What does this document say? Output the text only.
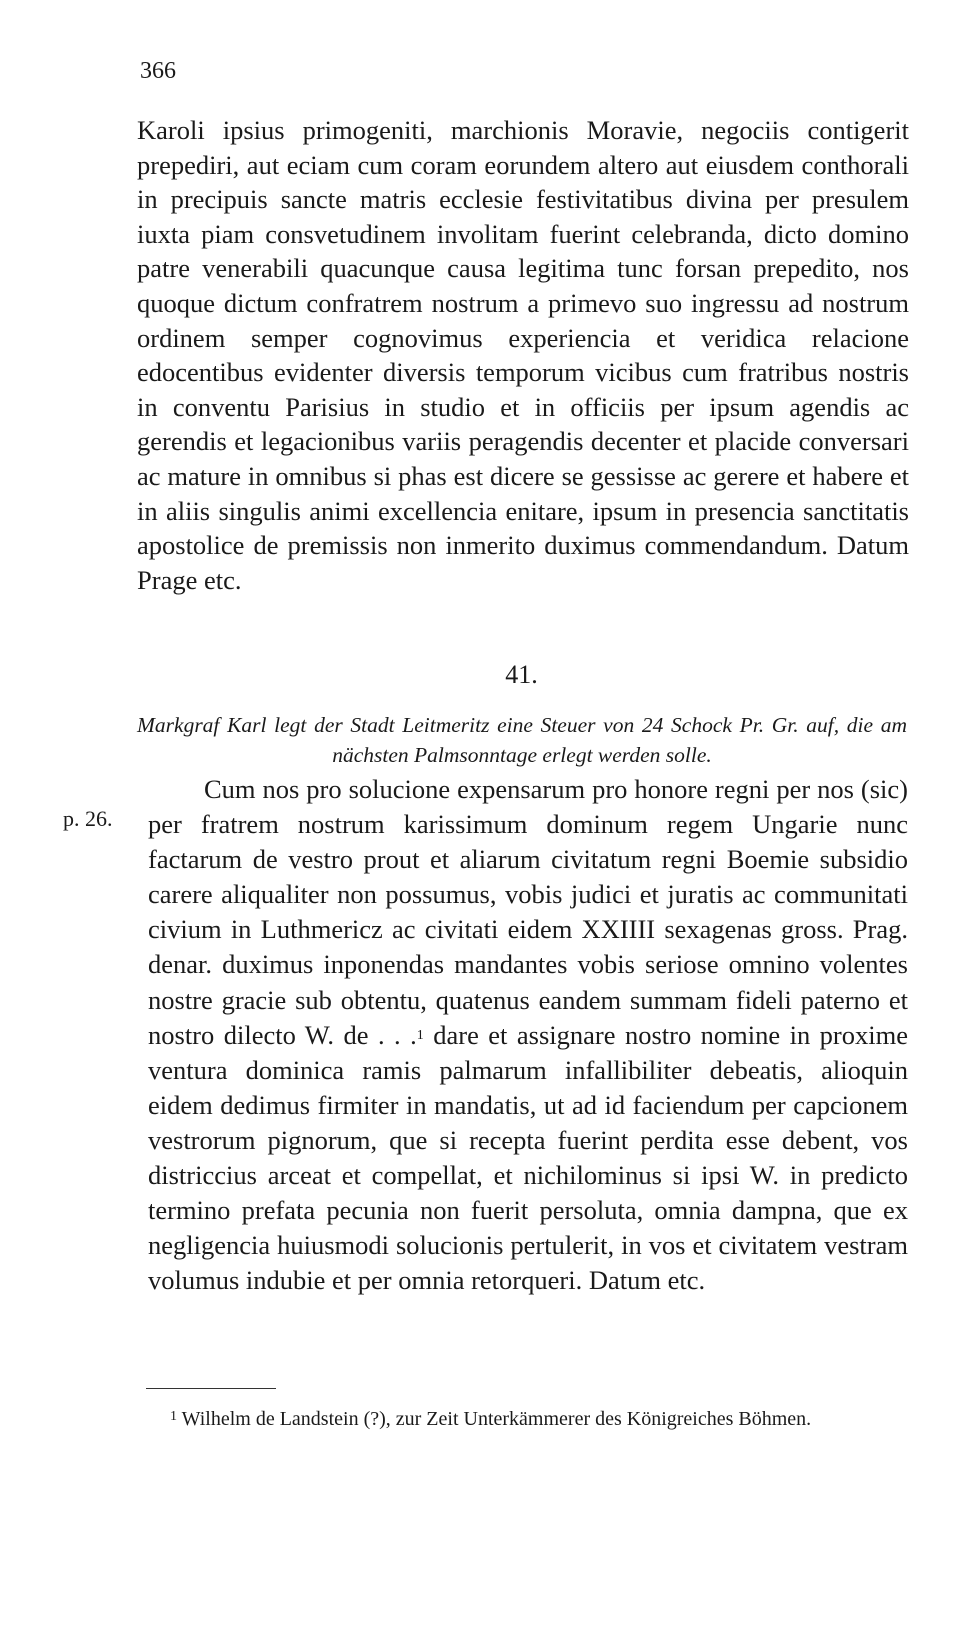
366

Karoli ipsius primogeniti, marchionis Moravie, negociis contigerit prepediri, aut eciam cum coram eorundem altero aut eiusdem conthorali in precipuis sancte matris ecclesie festivitatibus divina per presulem iuxta piam consvetudinem involitam fuerint celebranda, dicto domino patre venerabili quacunque causa legitima tunc forsan prepedito, nos quoque dictum confratrem nostrum a primevo suo ingressu ad nostrum ordinem semper cognovimus experiencia et veridica relacione edocentibus evidenter diversis temporum vicibus cum fratribus nostris in conventu Parisius in studio et in officiis per ipsum agendis ac gerendis et legacionibus variis peragendis decenter et placide conversari ac mature in omnibus si phas est dicere se gessisse ac gerere et habere et in aliis singulis animi excellencia enitare, ipsum in presencia sanctitatis apostolice de premissis non inmerito duximus commendandum. Datum Prage etc.

41.

Markgraf Karl legt der Stadt Leitmeritz eine Steuer von 24 Schock Pr. Gr. auf, die am nächsten Palmsonntage erlegt werden solle.

p. 26.

Cum nos pro solucione expensarum pro honore regni per nos (sic) per fratrem nostrum karissimum dominum regem Ungarie nunc factarum de vestro prout et aliarum civitatum regni Boemie subsidio carere aliqualiter non possumus, vobis judici et juratis ac communitati civium in Luthmericz ac civitati eidem XXIIII sexagenas gross. Prag. denar. duximus inponendas mandantes vobis seriose omnino volentes nostre gracie sub obtentu, quatenus eandem summam fideli paterno et nostro dilecto W. de . . .$^1$ dare et assignare nostro nomine in proxime ventura dominica ramis palmarum infallibiliter debeatis, alioquin eidem dedimus firmiter in mandatis, ut ad id faciendum per capcionem vestrorum pignorum, que si recepta fuerint perdita esse debent, vos districcius arceat et compellat, et nichilominus si ipsi W. in predicto termino prefata pecunia non fuerit persoluta, omnia dampna, que ex negligencia huiusmodi solucionis pertulerit, in vos et civitatem vestram volumus indubie et per omnia retorqueri. Datum etc.

$^1$ Wilhelm de Landstein (?), zur Zeit Unterkämmerer des Königreiches Böhmen.
